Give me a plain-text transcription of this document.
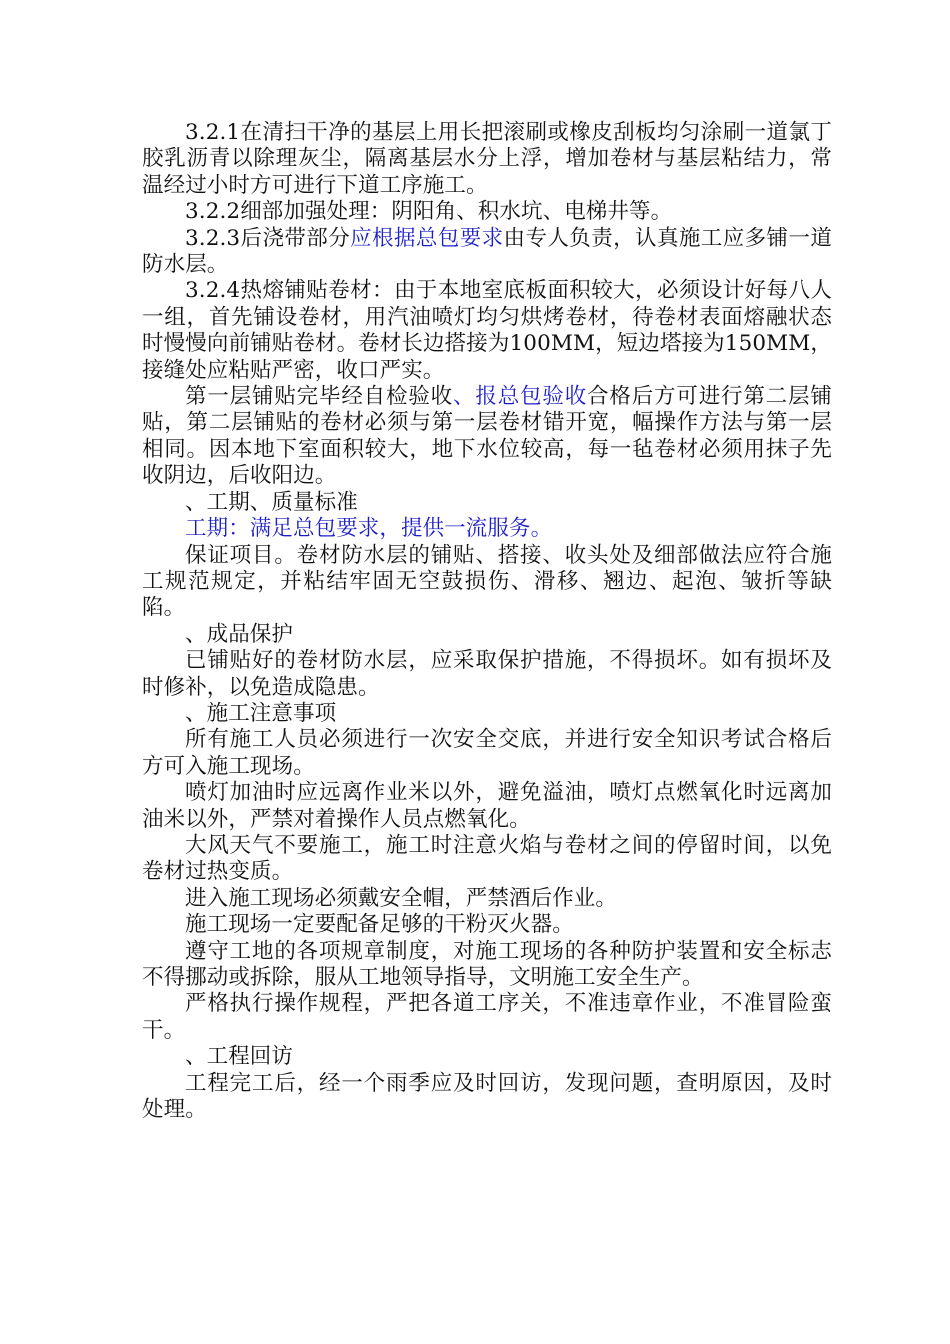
3.2.1在清扫干净的基层上用长把滚刷或橡皮刮板均匀涂刷一道氯丁胶乳沥青以除理灰尘，隔离基层水分上浮，增加卷材与基层粘结力，常温经过小时方可进行下道工序施工。

3.2.2细部加强处理：阴阳角、积水坑、电梯井等。

3.2.3后浇带部分应根据总包要求由专人负责，认真施工应多铺一道防水层。

3.2.4热熔铺贴卷材：由于本地室底板面积较大，必须设计好每八人一组，首先铺设卷材，用汽油喷灯均匀烘烤卷材，待卷材表面熔融状态时慢慢向前铺贴卷材。卷材长边搭接为100MM，短边塔接为150MM，接缝处应粘贴严密，收口严实。

第一层铺贴完毕经自检验收、报总包验收合格后方可进行第二层铺贴，第二层铺贴的卷材必须与第一层卷材错开宽，幅操作方法与第一层相同。因本地下室面积较大，地下水位较高，每一毡卷材必须用抹子先收阴边，后收阳边。

、工期、质量标准

工期：满足总包要求，提供一流服务。

保证项目。卷材防水层的铺贴、搭接、收头处及细部做法应符合施工规范规定，并粘结牢固无空鼓损伤、滑移、翘边、起泡、皱折等缺陷。

、成品保护

已铺贴好的卷材防水层，应采取保护措施，不得损坏。如有损坏及时修补，以免造成隐患。

、施工注意事项

所有施工人员必须进行一次安全交底，并进行安全知识考试合格后方可入施工现场。

喷灯加油时应远离作业米以外，避免溢油，喷灯点燃氧化时远离加油米以外，严禁对着操作人员点燃氧化。

大风天气不要施工，施工时注意火焰与卷材之间的停留时间，以免卷材过热变质。

进入施工现场必须戴安全帽，严禁酒后作业。

施工现场一定要配备足够的干粉灭火器。

遵守工地的各项规章制度，对施工现场的各种防护装置和安全标志不得挪动或拆除，服从工地领导指导，文明施工安全生产。

严格执行操作规程，严把各道工序关，不准违章作业，不准冒险蛮干。

、工程回访

工程完工后，经一个雨季应及时回访，发现问题，查明原因，及时处理。
